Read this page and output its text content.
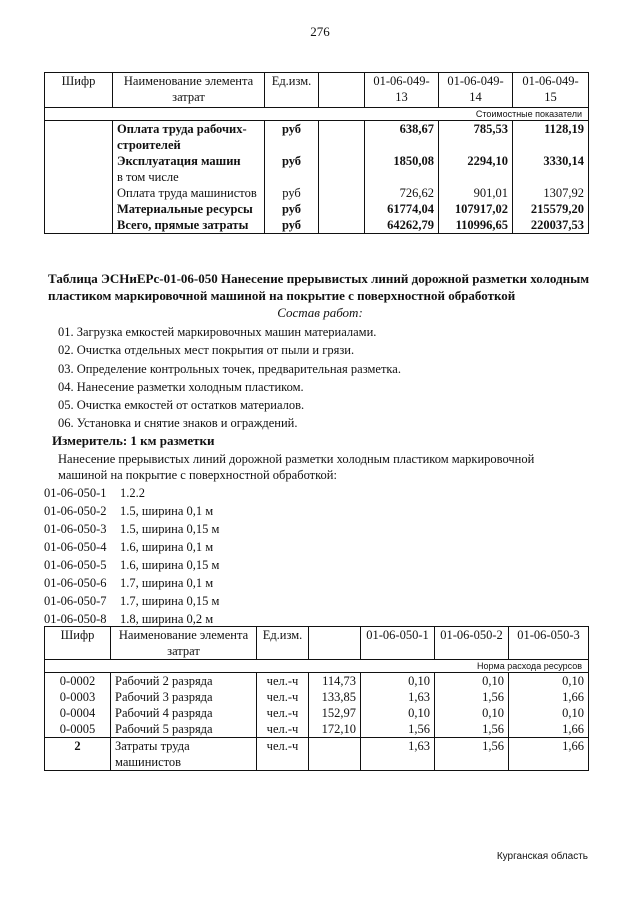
276
Шифр	Наименование элемента затрат	Ед.изм.		01-06-049-13	01-06-049-14	01-06-049-15
Стоимостные показатели						
	Оплата труда рабочих-строителей	руб		638,67	785,53	1128,19
	Эксплуатация машин	руб		1850,08	2294,10	3330,14
	в том числе					
	Оплата труда машинистов	руб		726,62	901,01	1307,92
	Материальные ресурсы	руб		61774,04	107917,02	215579,20
	Всего, прямые затраты	руб		64262,79	110996,65	220037,53
Таблица ЭСНиЕРс-01-06-050 Нанесение прерывистых линий дорожной разметки холодным пластиком маркировочной машиной на покрытие с поверхностной обработкой
Состав работ:
01. Загрузка емкостей маркировочных машин материалами.
02. Очистка отдельных мест покрытия от пыли и грязи.
03. Определение контрольных точек, предварительная разметка.
04. Нанесение разметки холодным пластиком.
05. Очистка емкостей от остатков материалов.
06. Установка и снятие знаков и ограждений.
Измеритель: 1 км разметки
Нанесение прерывистых линий дорожной разметки холодным пластиком маркировочной машиной на покрытие с поверхностной обработкой:
01-06-050-1 1.2.2
01-06-050-2 1.5, ширина 0,1 м
01-06-050-3 1.5, ширина 0,15 м
01-06-050-4 1.6, ширина 0,1 м
01-06-050-5 1.6, ширина 0,15 м
01-06-050-6 1.7, ширина 0,1 м
01-06-050-7 1.7, ширина 0,15 м
01-06-050-8 1.8, ширина 0,2 м
Шифр	Наименование элемента затрат	Ед.изм.		01-06-050-1	01-06-050-2	01-06-050-3
Норма расхода ресурсов						
0-0002	Рабочий 2 разряда	чел.-ч	114,73	0,10	0,10	0,10
0-0003	Рабочий 3 разряда	чел.-ч	133,85	1,63	1,56	1,66
0-0004	Рабочий 4 разряда	чел.-ч	152,97	0,10	0,10	0,10
0-0005	Рабочий 5 разряда	чел.-ч	172,10	1,56	1,56	1,66
2	Затраты труда машинистов	чел.-ч		1,63	1,56	1,66
Курганская область
